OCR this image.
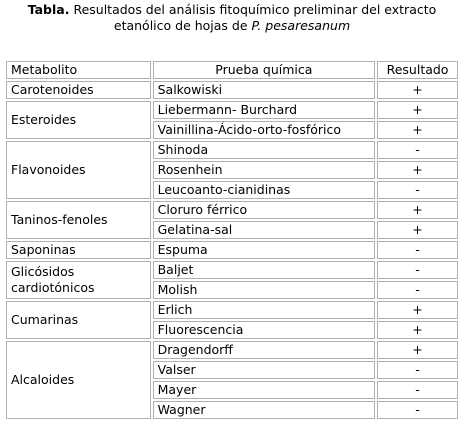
Tabla. Resultados del análisis fitoquímico preliminar del extracto etanólico de hojas de P. pesaresanum
Metabolito	Prueba química	Resultado
Carotenoides	Salkowiski	+
Esteroides	Liebermann- Burchard	+
	Vainillina-Ácido-orto-fosfórico	+
Flavonoides	Shinoda	-
	Rosenhein	+
	Leucoanto-cianidinas	-
Taninos-fenoles	Cloruro férrico	+
	Gelatina-sal	+
Saponinas	Espuma	-
Glicósidos cardiotónicos	Baljet	-
	Molish	-
Cumarinas	Erlich	+
	Fluorescencia	+
Alcaloides	Dragendorff	+
	Valser	-
	Mayer	-
	Wagner	-
